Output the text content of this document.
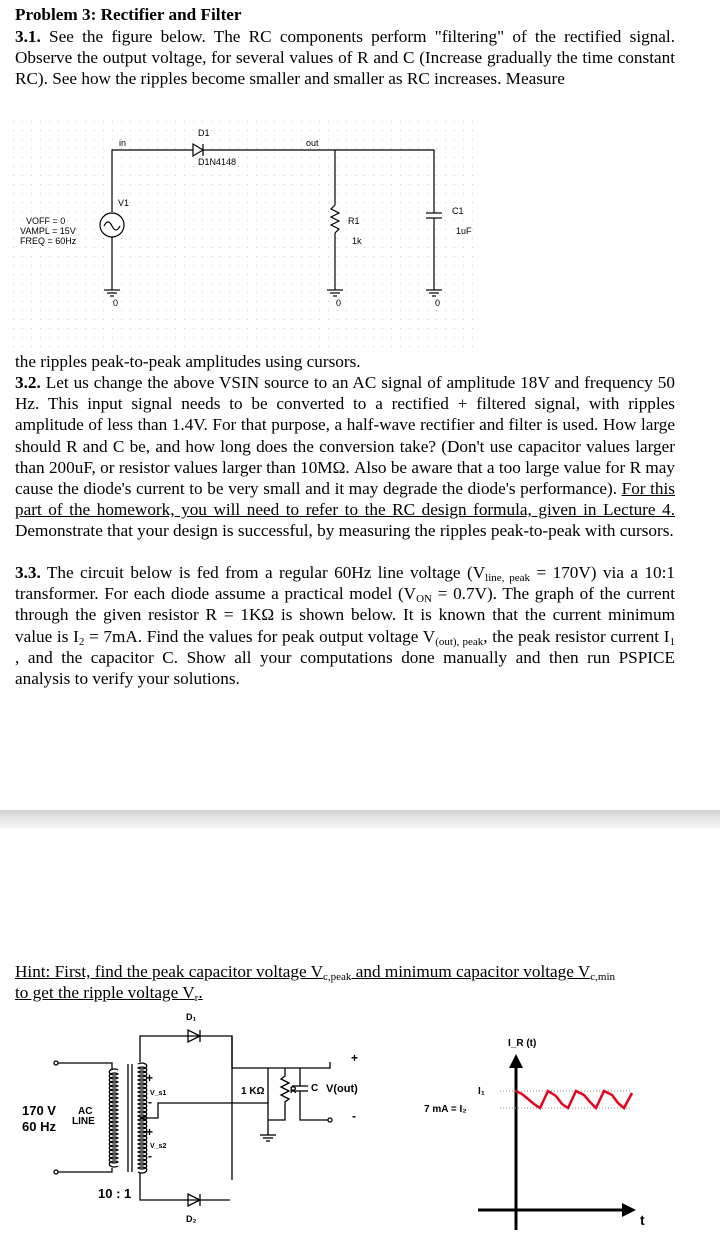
Problem 3: Rectifier and Filter
3.1. See the figure below. The RC components perform "filtering" of the rectified signal. Observe the output voltage, for several values of R and C (Increase gradually the time constant RC). See how the ripples become smaller and smaller as RC increases. Measure
D1
D1N4148
in	out
V1
VOFF = 0
VAMPL = 15V
FREQ = 60Hz
R1
1k
C1
1uF
0	0	0
the ripples peak-to-peak amplitudes using cursors.
3.2. Let us change the above VSIN source to an AC signal of amplitude 18V and frequency 50 Hz. This input signal needs to be converted to a rectified + filtered signal, with ripples amplitude of less than 1.4V. For that purpose, a half-wave rectifier and filter is used. How large should R and C be, and how long does the conversion take? (Don't use capacitor values larger than 200uF, or resistor values larger than 10MΩ. Also be aware that a too large value for R may cause the diode's current to be very small and it may degrade the diode's performance). For this part of the homework, you will need to refer to the RC design formula, given in Lecture 4. Demonstrate that your design is successful, by measuring the ripples peak-to-peak with cursors.
3.3. The circuit below is fed from a regular 60Hz line voltage $(V_{line, peak} = 170V)$ via a 10:1 transformer. For each diode assume a practical model $(V_{ON} = 0.7V)$. The graph of the current through the given resistor R = 1KΩ is shown below. It is known that the current minimum value is $I_2 = 7mA$. Find the values for peak output voltage $V_{(out), peak}$, the peak resistor current $I_1$ , and the capacitor C. Show all your computations done manually and then run PSPICE analysis to verify your solutions.
Hint: First, find the peak capacitor voltage $V_{c,peak}$ and minimum capacitor voltage $V_{c,min}$
to get the ripple voltage $V_r$.
170 V
60 Hz
AC
LINE
10 : 1
D₁
D₂
+
V_s1
-
+
V_s2
-
1 KΩ	R C V(out)
+
-
I_R (t)
I₁
7 mA = I₂
t
